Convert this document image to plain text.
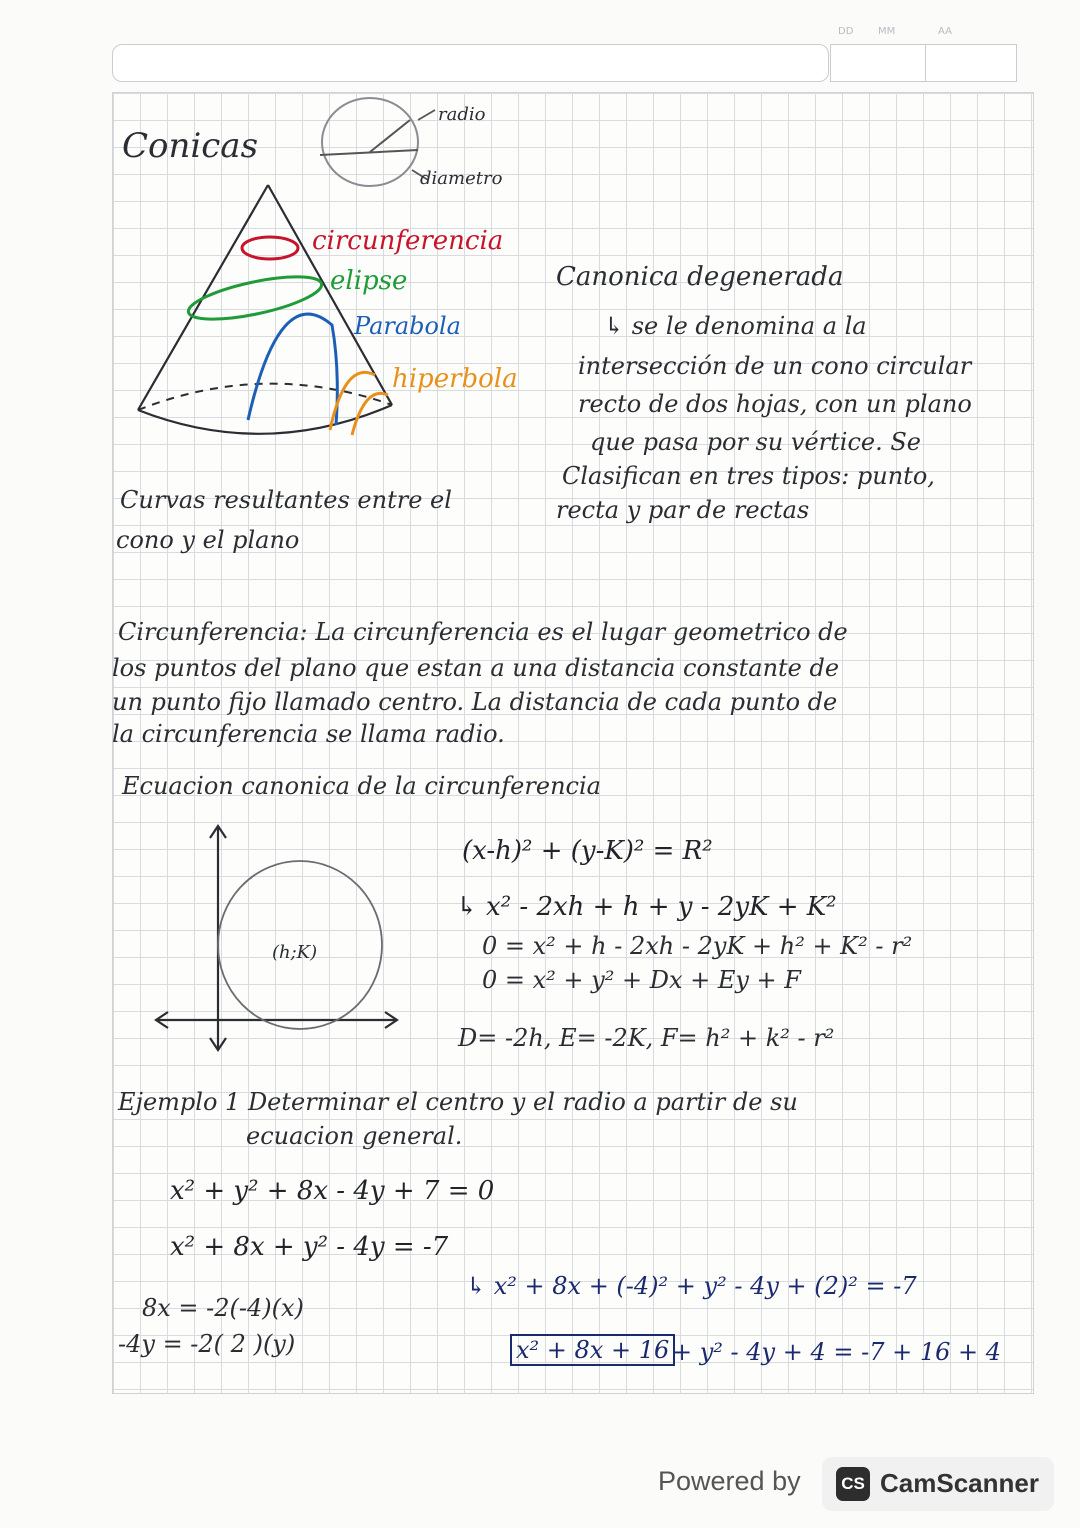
DD MM	AA
Conicas
radio
diametro
circunferencia
elipse
Parabola
hiperbola
Curvas resultantes entre el
cono y el plano
Canonica degenerada
↳ se le denomina a la
intersección de un cono circular
recto de dos hojas, con un plano
que pasa por su vértice. Se
Clasifican en tres tipos: punto,
recta y par de rectas
Circunferencia: La circunferencia es el lugar geometrico de
los puntos del plano que estan a una distancia constante de
un punto fijo llamado centro. La distancia de cada punto de
la circunferencia se llama radio.
Ecuacion canonica de la circunferencia
(h;K)
(x-h)² + (y-K)² = R²
↳ x² - 2xh + h + y - 2yK + K²
0 = x² + h - 2xh - 2yK + h² + K² - r²
0 = x² + y² + Dx + Ey + F
D= -2h, E= -2K, F= h² + k² - r²
Ejemplo 1 Determinar el centro y el radio a partir de su
ecuacion general.
x² + y² + 8x - 4y + 7 = 0
x² + 8x + y² - 4y = -7
↳ x² + 8x + (-4)² + y² - 4y + (2)² = -7
8x = -2(-4)(x)
-4y = -2( 2 )(y)	x² + 8x + 16 + y² - 4y + 4 = -7 + 16 + 4
Powered by	CS CamScanner
